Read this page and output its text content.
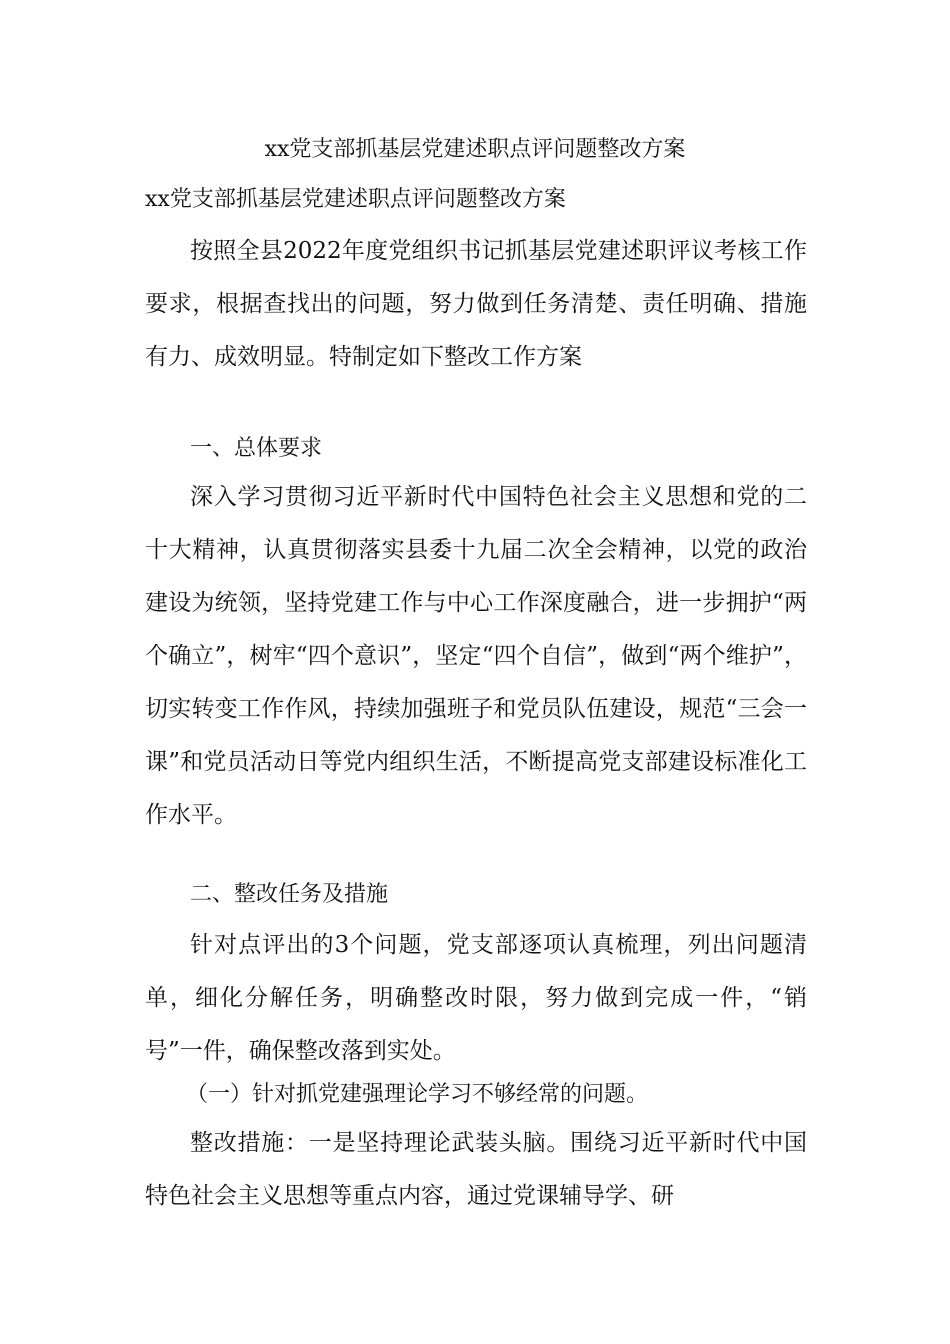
xx党支部抓基层党建述职点评问题整改方案
xx党支部抓基层党建述职点评问题整改方案

按照全县2022年度党组织书记抓基层党建述职评议考核工作要求，根据查找出的问题，努力做到任务清楚、责任明确、措施有力、成效明显。特制定如下整改工作方案

一、总体要求

深入学习贯彻习近平新时代中国特色社会主义思想和党的二十大精神，认真贯彻落实县委十九届二次全会精神，以党的政治建设为统领，坚持党建工作与中心工作深度融合，进一步拥护“两个确立”，树牢“四个意识”，坚定“四个自信”，做到“两个维护”，切实转变工作作风，持续加强班子和党员队伍建设，规范“三会一课”和党员活动日等党内组织生活，不断提高党支部建设标准化工作水平。

二、整改任务及措施

针对点评出的3个问题，党支部逐项认真梳理，列出问题清单，细化分解任务，明确整改时限，努力做到完成一件，“销号”一件，确保整改落到实处。

（一）针对抓党建强理论学习不够经常的问题。

整改措施：一是坚持理论武装头脑。围绕习近平新时代中国特色社会主义思想等重点内容，通过党课辅导学、研
